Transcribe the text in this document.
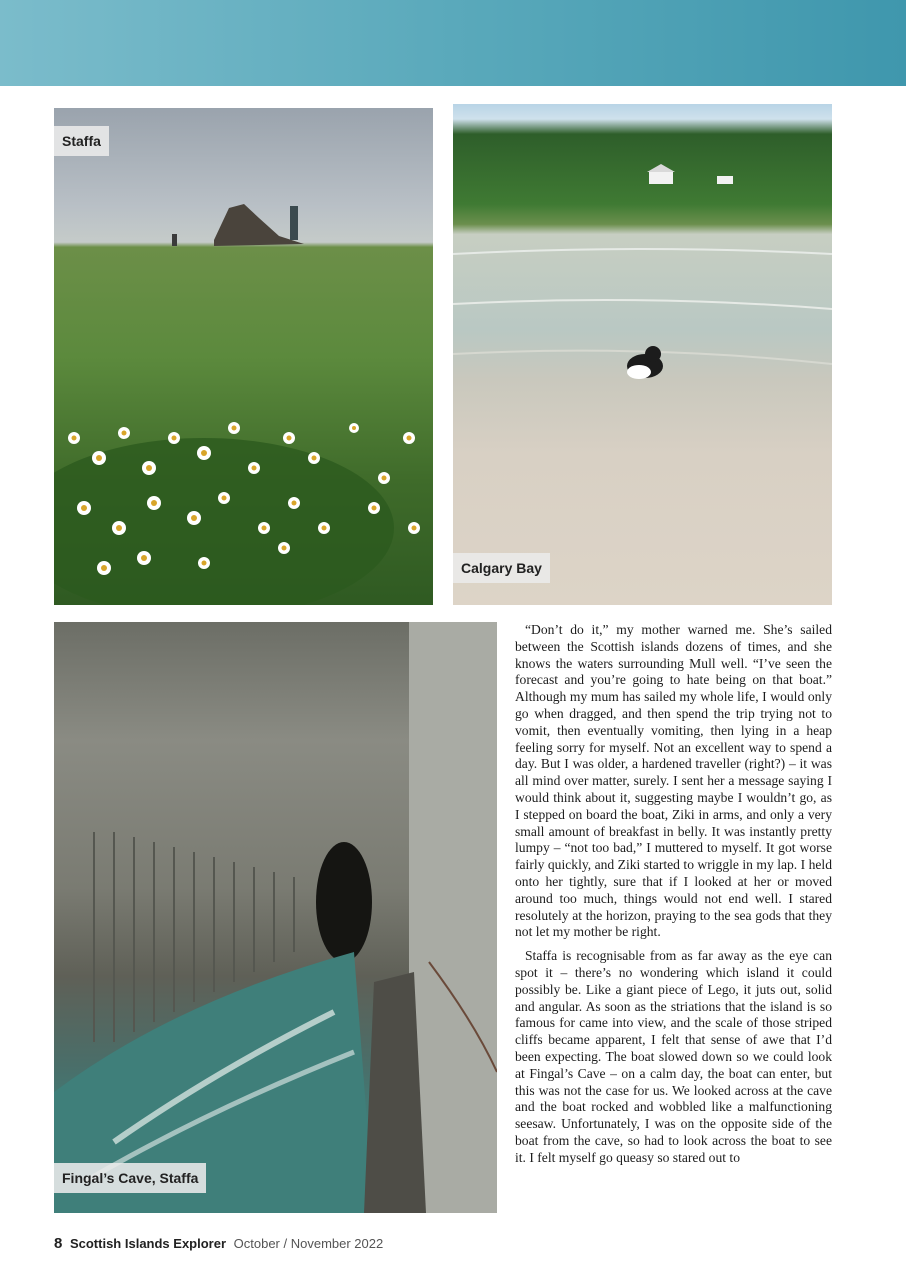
Staffa
Calgary Bay
Fingal’s Cave, Staffa

“Don’t do it,” my mother warned me. She’s sailed between the Scottish islands dozens of times, and she knows the waters surrounding Mull well. “I’ve seen the forecast and you’re going to hate being on that boat.” Although my mum has sailed my whole life, I would only go when dragged, and then spend the trip trying not to vomit, then eventually vomiting, then lying in a heap feeling sorry for myself. Not an excellent way to spend a day. But I was older, a hardened traveller (right?) – it was all mind over matter, surely. I sent her a message saying I would think about it, suggesting maybe I wouldn’t go, as I stepped on board the boat, Ziki in arms, and only a very small amount of breakfast in belly. It was instantly pretty lumpy – “not too bad,” I muttered to myself. It got worse fairly quickly, and Ziki started to wriggle in my lap. I held onto her tightly, sure that if I looked at her or moved around too much, things would not end well. I stared resolutely at the horizon, praying to the sea gods that they not let my mother be right.

Staffa is recognisable from as far away as the eye can spot it – there’s no wondering which island it could possibly be. Like a giant piece of Lego, it juts out, solid and angular. As soon as the striations that the island is so famous for came into view, and the scale of those striped cliffs became apparent, I felt that sense of awe that I’d been expecting. The boat slowed down so we could look at Fingal’s Cave – on a calm day, the boat can enter, but this was not the case for us. We looked across at the cave and the boat rocked and wobbled like a malfunctioning seesaw. Unfortunately, I was on the opposite side of the boat from the cave, so had to look across the boat to see it. I felt myself go queasy so stared out to

8 Scottish Islands Explorer October / November 2022
